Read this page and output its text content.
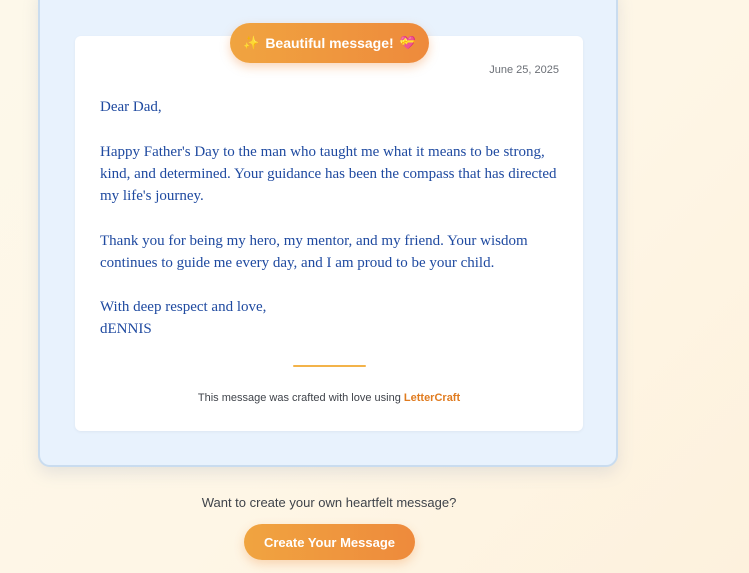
✨ Beautiful message! 💝
June 25, 2025
Dear Dad,
Happy Father's Day to the man who taught me what it means to be strong, kind, and determined. Your guidance has been the compass that has directed my life's journey.
Thank you for being my hero, my mentor, and my friend. Your wisdom continues to guide me every day, and I am proud to be your child.
With deep respect and love,
dENNIS
This message was crafted with love using LetterCraft
Want to create your own heartfelt message?
Create Your Message
